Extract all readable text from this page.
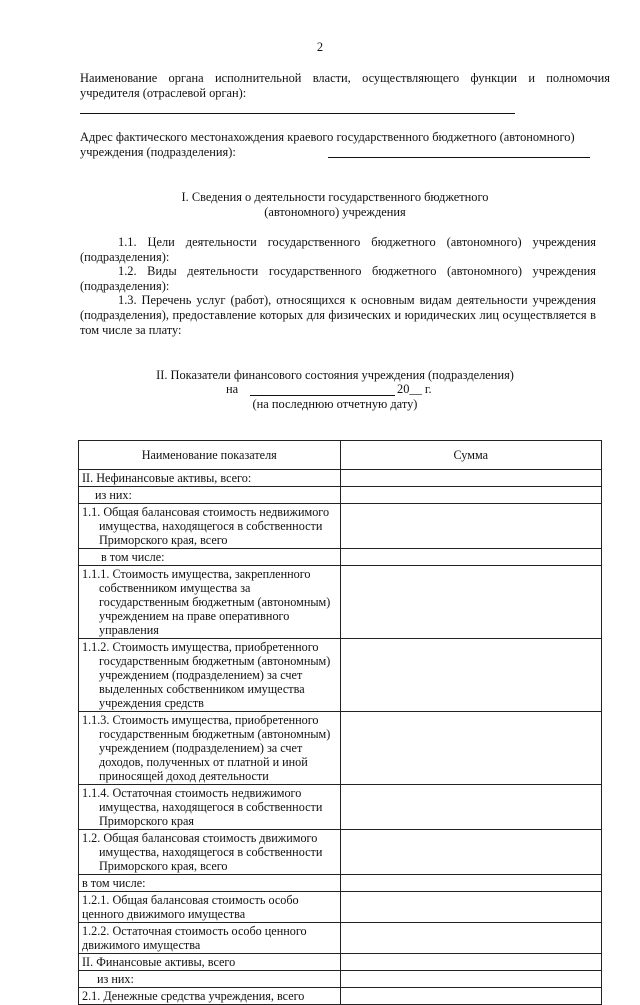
2
Наименование органа исполнительной власти, осуществляющего функции и полномочия учредителя (отраслевой орган):
Адрес фактического местонахождения краевого государственного бюджетного (автономного) учреждения (подразделения):
I. Сведения о деятельности государственного бюджетного
(автономного) учреждения
1.1. Цели деятельности государственного бюджетного (автономного) учреждения (подразделения):
1.2. Виды деятельности государственного бюджетного (автономного) учреждения (подразделения):
1.3. Перечень услуг (работ), относящихся к основным видам деятельности учреждения (подразделения), предоставление которых для физических и юридических лиц осуществляется в том числе за плату:
II. Показатели финансового состояния учреждения (подразделения)
на	20__ г.
(на последнюю отчетную дату)
Наименование показателя	Сумма
II. Нефинансовые активы, всего:	
из них:	
1.1. Общая балансовая стоимость недвижимого имущества, находящегося в собственности Приморского края, всего	
в том числе:	
1.1.1. Стоимость имущества, закрепленного собственником имущества за государственным бюджетным (автономным) учреждением на праве оперативного управления	
1.1.2. Стоимость имущества, приобретенного государственным бюджетным (автономным) учреждением (подразделением) за счет выделенных собственником имущества учреждения средств	
1.1.3. Стоимость имущества, приобретенного государственным бюджетным (автономным) учреждением (подразделением) за счет доходов, полученных от платной и иной приносящей доход деятельности	
1.1.4. Остаточная стоимость недвижимого имущества, находящегося в собственности Приморского края	
1.2. Общая балансовая стоимость движимого имущества, находящегося в собственности Приморского края, всего	
в том числе:	
1.2.1. Общая балансовая стоимость особо ценного движимого имущества	
1.2.2. Остаточная стоимость особо ценного движимого имущества	
II. Финансовые активы, всего	
из них:	
2.1. Денежные средства учреждения, всего	
